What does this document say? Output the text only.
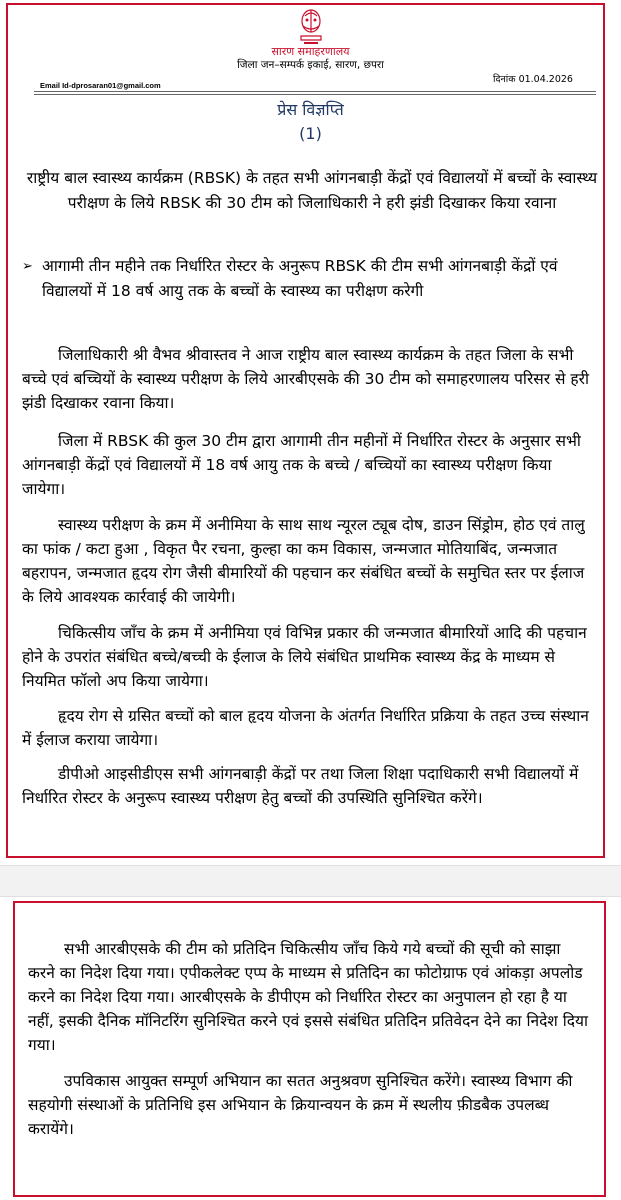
सारण समाहरणालय
जिला जन–सम्पर्क इकाई, सारण, छपरा
दिनांक 01.04.2026
Email Id-dprosaran01@gmail.com
प्रेस विज्ञप्ति
(1)
राष्ट्रीय बाल स्वास्थ्य कार्यक्रम (RBSK) के तहत सभी आंगनबाड़ी केंद्रों एवं विद्यालयों में बच्चों के स्वास्थ्य परीक्षण के लिये RBSK की 30 टीम को जिलाधिकारी ने हरी झंडी दिखाकर किया रवाना
➢ आगामी तीन महीने तक निर्धारित रोस्टर के अनुरूप RBSK की टीम सभी आंगनबाड़ी केंद्रों एवं विद्यालयों में 18 वर्ष आयु तक के बच्चों के स्वास्थ्य का परीक्षण करेगी
जिलाधिकारी श्री वैभव श्रीवास्तव ने आज राष्ट्रीय बाल स्वास्थ्य कार्यक्रम के तहत जिला के सभी बच्चे एवं बच्चियों के स्वास्थ्य परीक्षण के लिये आरबीएसके की 30 टीम को समाहरणालय परिसर से हरी झंडी दिखाकर रवाना किया।
जिला में RBSK की कुल 30 टीम द्वारा आगामी तीन महीनों में निर्धारित रोस्टर के अनुसार सभी आंगनबाड़ी केंद्रों एवं विद्यालयों में 18 वर्ष आयु तक के बच्चे / बच्चियों का स्वास्थ्य परीक्षण किया जायेगा।
स्वास्थ्य परीक्षण के क्रम में अनीमिया के साथ साथ न्यूरल ट्यूब दोष, डाउन सिंड्रोम, होठ एवं तालु का फांक / कटा हुआ , विकृत पैर रचना, कुल्हा का कम विकास, जन्मजात मोतियाबिंद, जन्मजात बहरापन, जन्मजात हृदय रोग जैसी बीमारियों की पहचान कर संबंधित बच्चों के समुचित स्तर पर ईलाज के लिये आवश्यक कार्रवाई की जायेगी।
चिकित्सीय जाँच के क्रम में अनीमिया एवं विभिन्न प्रकार की जन्मजात बीमारियों आदि की पहचान होने के उपरांत संबंधित बच्चे/बच्ची के ईलाज के लिये संबंधित प्राथमिक स्वास्थ्य केंद्र के माध्यम से नियमित फॉलो अप किया जायेगा।
हृदय रोग से ग्रसित बच्चों को बाल हृदय योजना के अंतर्गत निर्धारित प्रक्रिया के तहत उच्च संस्थान में ईलाज कराया जायेगा।
डीपीओ आइसीडीएस सभी आंगनबाड़ी केंद्रों पर तथा जिला शिक्षा पदाधिकारी सभी विद्यालयों में निर्धारित रोस्टर के अनुरूप स्वास्थ्य परीक्षण हेतु बच्चों की उपस्थिति सुनिश्चित करेंगे।
सभी आरबीएसके की टीम को प्रतिदिन चिकित्सीय जाँच किये गये बच्चों की सूची को साझा करने का निदेश दिया गया। एपीकलेक्ट एप्प के माध्यम से प्रतिदिन का फोटोग्राफ एवं आंकड़ा अपलोड करने का निदेश दिया गया। आरबीएसके के डीपीएम को निर्धारित रोस्टर का अनुपालन हो रहा है या नहीं, इसकी दैनिक मॉनिटरिंग सुनिश्चित करने एवं इससे संबंधित प्रतिदिन प्रतिवेदन देने का निदेश दिया गया।
उपविकास आयुक्त सम्पूर्ण अभियान का सतत अनुश्रवण सुनिश्चित करेंगे। स्वास्थ्य विभाग की सहयोगी संस्थाओं के प्रतिनिधि इस अभियान के क्रियान्वयन के क्रम में स्थलीय फ़ीडबैक उपलब्ध करायेंगे।
